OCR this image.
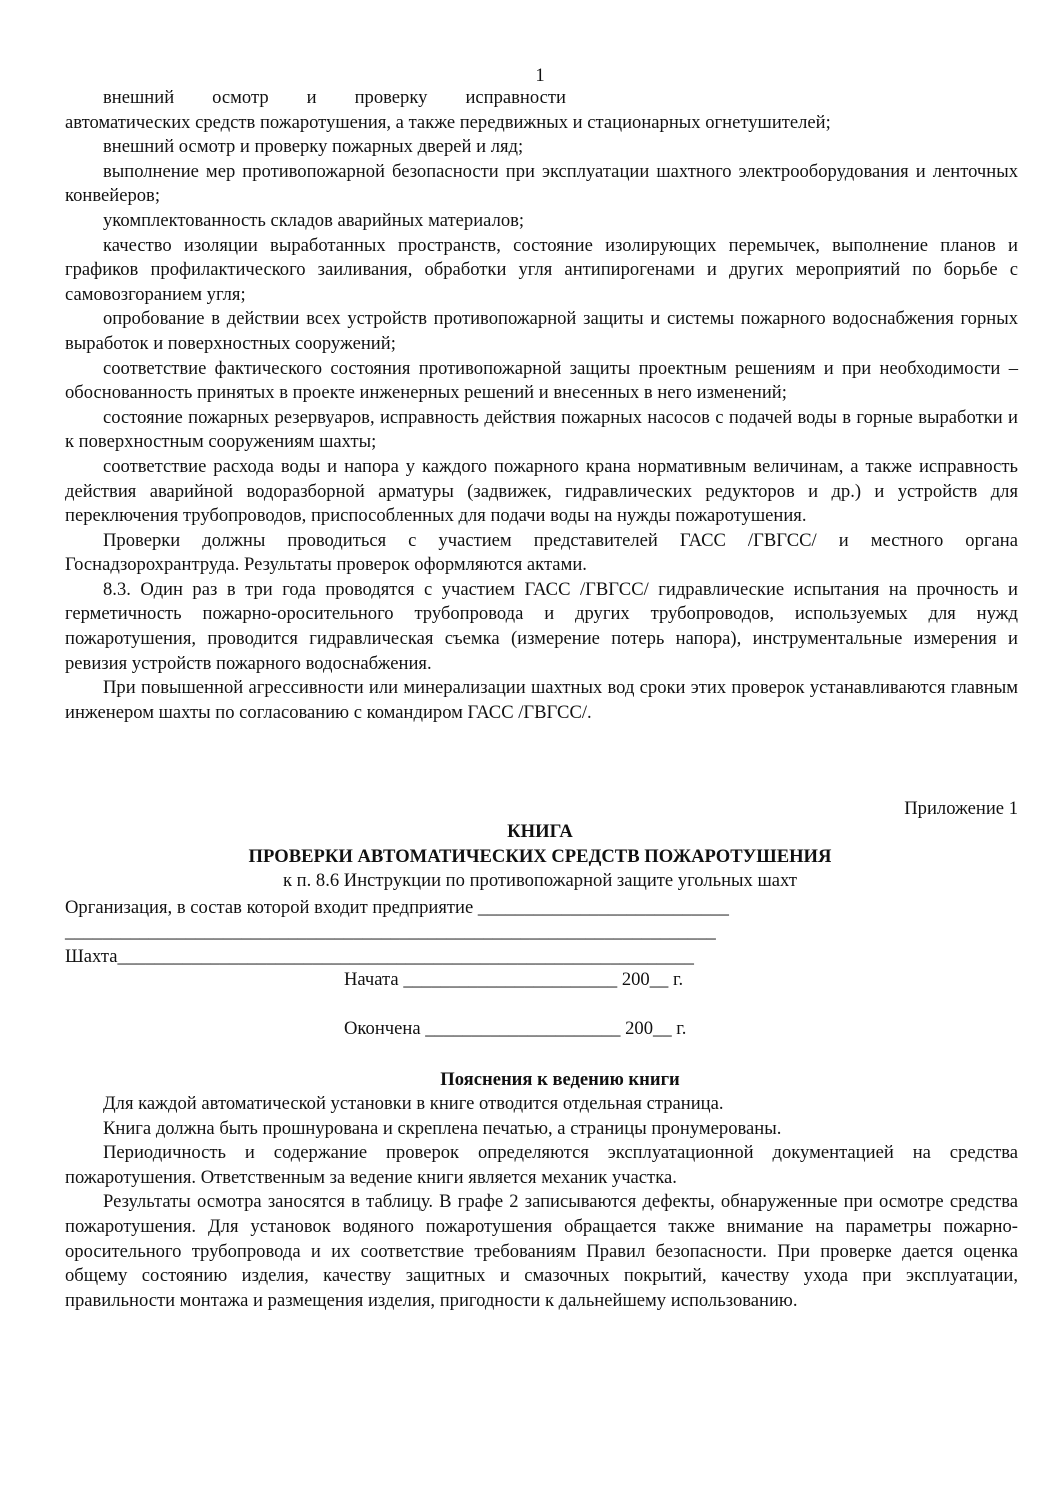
1
внешний	осмотр	и	проверку	исправности

автоматических средств пожаротушения, а также передвижных и стационарных огнетушителей;

внешний осмотр и проверку пожарных дверей и ляд;

выполнение мер противопожарной безопасности при эксплуатации шахтного электрооборудования и ленточных конвейеров;

укомплектованность складов аварийных материалов;

качество изоляции выработанных пространств, состояние изолирующих перемычек, выполнение планов и графиков профилактического заиливания, обработки угля антипирогенами и других мероприятий по борьбе с самовозгоранием угля;

опробование в действии всех устройств противопожарной защиты и системы пожарного водоснабжения горных выработок и поверхностных сооружений;

соответствие фактического состояния противопожарной защиты проектным решениям и при необходимости – обоснованность принятых в проекте инженерных решений и внесенных в него изменений;

состояние пожарных резервуаров, исправность действия пожарных насосов с подачей воды в горные выработки и к поверхностным сооружениям шахты;

соответствие расхода воды и напора у каждого пожарного крана нормативным величинам, а также исправность действия аварийной водоразборной арматуры (задвижек, гидравлических редукторов и др.) и устройств для переключения трубопроводов, приспособленных для подачи воды на нужды пожаротушения.

Проверки должны проводиться с участием представителей ГАСС /ГВГСС/ и местного органа Госнадзорохрантруда. Результаты проверок оформляются актами.

8.3. Один раз в три года проводятся с участием ГАСС /ГВГСС/ гидравлические испытания на прочность и герметичность пожарно-оросительного трубопровода и других трубопроводов, используемых для нужд пожаротушения, проводится гидравлическая съемка (измерение потерь напора), инструментальные измерения и ревизия устройств пожарного водоснабжения.

При повышенной агрессивности или минерализации шахтных вод сроки этих проверок устанавливаются главным инженером шахты по согласованию с командиром ГАСС /ГВГСС/.

Приложение 1
КНИГА
ПРОВЕРКИ АВТОМАТИЧЕСКИХ СРЕДСТВ ПОЖАРОТУШЕНИЯ
к п. 8.6 Инструкции по противопожарной защите угольных шахт
Организация, в состав которой входит предприятие ___________________________
______________________________________________________________________
Шахта______________________________________________________________
Начата _______________________ 200__ г.
Окончена _____________________ 200__ г.
Пояснения к ведению книги

Для каждой автоматической установки в книге отводится отдельная страница.

Книга должна быть прошнурована и скреплена печатью, а страницы пронумерованы.

Периодичность и содержание проверок определяются эксплуатационной документацией на средства пожаротушения. Ответственным за ведение книги является механик участка.

Результаты осмотра заносятся в таблицу. В графе 2 записываются дефекты, обнаруженные при осмотре средства пожаротушения. Для установок водяного пожаротушения обращается также внимание на параметры пожарно-оросительного трубопровода и их соответствие требованиям Правил безопасности. При проверке дается оценка общему состоянию изделия, качеству защитных и смазочных покрытий, качеству ухода при эксплуатации, правильности монтажа и размещения изделия, пригодности к дальнейшему использованию.
